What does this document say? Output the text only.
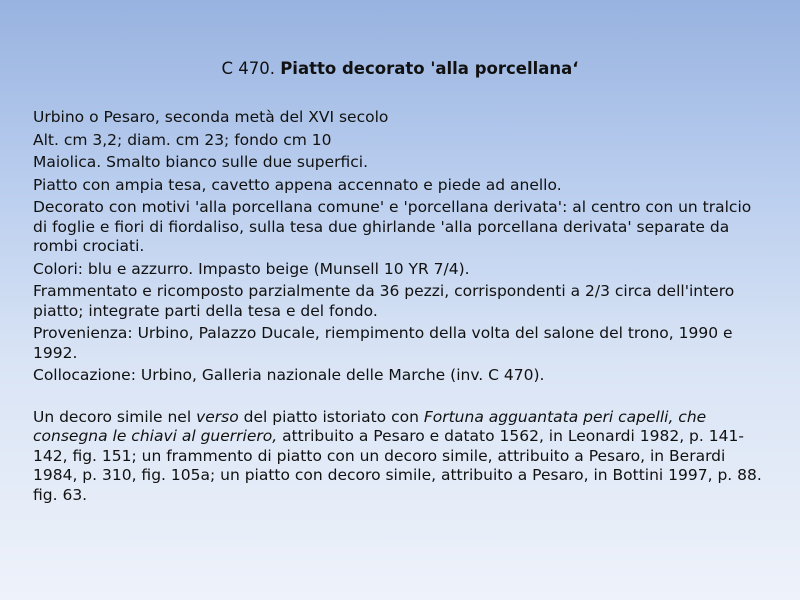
C 470. Piatto decorato 'alla porcellana‘

Urbino o Pesaro, seconda metà del XVI secolo

Alt. cm 3,2; diam. cm 23; fondo cm 10

Maiolica. Smalto bianco sulle due superfici.

Piatto con ampia tesa, cavetto appena accennato e piede ad anello.

Decorato con motivi 'alla porcellana comune' e 'porcellana derivata': al centro con un tralcio di foglie e fiori di fiordaliso, sulla tesa due ghirlande 'alla porcellana derivata' separate da rombi crociati.

Colori: blu e azzurro. Impasto beige (Munsell 10 YR 7/4).

Frammentato e ricomposto parzialmente da 36 pezzi, corrispondenti a 2/3 circa dell'intero piatto; integrate parti della tesa e del fondo.

Provenienza: Urbino, Palazzo Ducale, riempimento della volta del salone del trono, 1990 e 1992.

Collocazione: Urbino, Galleria nazionale delle Marche (inv. C 470).

Un decoro simile nel verso del piatto istoriato con Fortuna agguantata peri capelli, che consegna le chiavi al guerriero, attribuito a Pesaro e datato 1562, in Leonardi 1982, p. 141-142, fig. 151; un frammento di piatto con un decoro simile, attribuito a Pesaro, in Berardi 1984, p. 310, fig. 105a; un piatto con decoro simile, attribuito a Pesaro, in Bottini 1997, p. 88. fig. 63.
